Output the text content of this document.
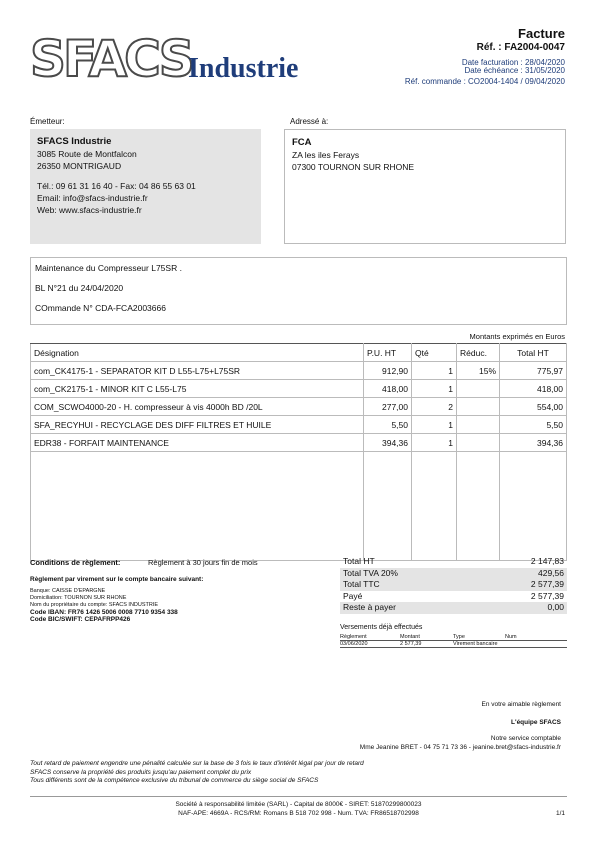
SFACS
Industrie
Facture
Réf. : FA2004-0047
Date facturation : 28/04/2020
Date échéance : 31/05/2020
Réf. commande : CO2004-1404 / 09/04/2020
Émetteur:
SFACS Industrie
3085 Route de Montfalcon
26350 MONTRIGAUD
Tél.: 09 61 31 16 40 - Fax: 04 86 55 63 01
Email: info@sfacs-industrie.fr
Web: www.sfacs-industrie.fr
Adressé à:
FCA
ZA les iles Ferays
07300 TOURNON SUR RHONE
Maintenance du Compresseur L75SR .
BL N°21 du 24/04/2020
COmmande N° CDA-FCA2003666
Montants exprimés en Euros
Désignation	P.U. HT	Qté	Réduc.	Total HT
com_CK4175-1 - SEPARATOR KIT D L55-L75+L75SR	912,90	1	15%	775,97
com_CK2175-1 - MINOR KIT C L55-L75	418,00	1		418,00
COM_SCWO4000-20 - H. compresseur à vis 4000h BD /20L	277,00	2		554,00
SFA_RECYHUI - RECYCLAGE DES DIFF FILTRES ET HUILE	5,50	1		5,50
EDR38 - FORFAIT MAINTENANCE	394,36	1		394,36

Conditions de règlement:	Règlement à 30 jours fin de mois
Règlement par virement sur le compte bancaire suivant:
Banque: CAISSE D'EPARGNE
Domiciliation: TOURNON SUR RHONE
Nom du propriétaire du compte: SFACS INDUSTRIE
Code IBAN: FR76 1426 5006 0008 7710 9354 338
Code BIC/SWIFT: CEPAFRPP426
Total HT	2 147,83
Total TVA 20%	429,56
Total TTC	2 577,39
Payé	2 577,39
Reste à payer	0,00
Versements déjà effectués
Règlement	Montant	Type	Num
03/06/2020	2 577,39	Virement bancaire
En votre aimable règlement
L'équipe SFACS
Notre service comptable
Mme Jeanine BRET - 04 75 71 73 36 - jeanine.bret@sfacs-industrie.fr
Tout retard de paiement engendre une pénalité calculée sur la base de 3 fois le taux d'intérêt légal par jour de retard
SFACS conserve la propriété des produits jusqu'au paiement complet du prix
Tous différents sont de la compétence exclusive du tribunal de commerce du siège social de SFACS
Société à responsabilité limitée (SARL) - Capital de 8000€ - SIRET: 51870299800023
NAF-APE: 4669A - RCS/RM: Romans B 518 702 998 - Num. TVA: FR86518702998	1/1
